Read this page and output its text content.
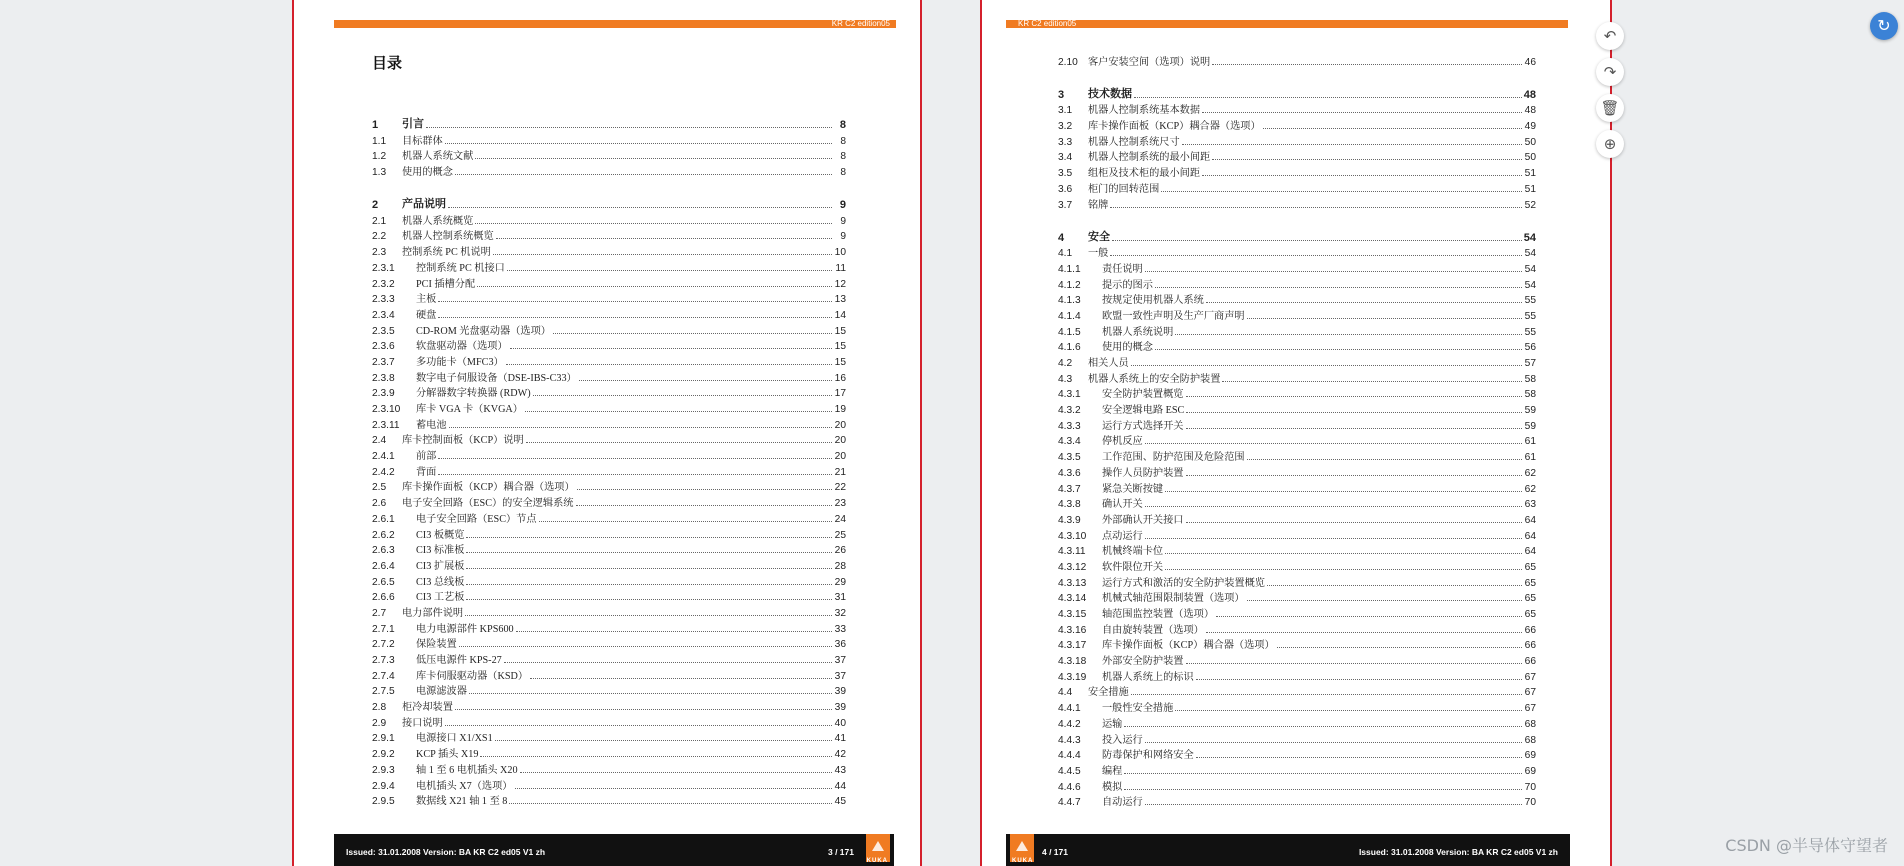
KR C2 edition05
目录
1	引言	8
1.1	目标群体	8
1.2	机器人系统文献	8
1.3	使用的概念	8
2	产品说明	9
2.1	机器人系统概览	9
2.2	机器人控制系统概览	9
2.3	控制系统 PC 机说明	10
2.3.1	控制系统 PC 机接口	11
2.3.2	PCI 插槽分配	12
2.3.3	主板	13
2.3.4	硬盘	14
2.3.5	CD-ROM 光盘驱动器（选项）	15
2.3.6	软盘驱动器（选项）	15
2.3.7	多功能卡（MFC3）	15
2.3.8	数字电子伺服设备（DSE-IBS-C33）	16
2.3.9	分解器数字转换器 (RDW)	17
2.3.10	库卡 VGA 卡（KVGA）	19
2.3.11	蓄电池	20
2.4	库卡控制面板（KCP）说明	20
2.4.1	前部	20
2.4.2	背面	21
2.5	库卡操作面板（KCP）耦合器（选项）	22
2.6	电子安全回路（ESC）的安全逻辑系统	23
2.6.1	电子安全回路（ESC）节点	24
2.6.2	CI3 板概览	25
2.6.3	CI3 标准板	26
2.6.4	CI3 扩展板	28
2.6.5	CI3 总线板	29
2.6.6	CI3 工艺板	31
2.7	电力部件说明	32
2.7.1	电力电源部件 KPS600	33
2.7.2	保险装置	36
2.7.3	低压电源件 KPS-27	37
2.7.4	库卡伺服驱动器（KSD）	37
2.7.5	电源滤波器	39
2.8	柜冷却装置	39
2.9	接口说明	40
2.9.1	电源接口 X1/XS1	41
2.9.2	KCP 插头 X19	42
2.9.3	轴 1 至 6 电机插头 X20	43
2.9.4	电机插头 X7（选项）	44
2.9.5	数据线 X21 轴 1 至 8	45
Issued: 31.01.2008 Version: BA KR C2 ed05 V1 zh	3 / 171
KUKA
KR C2 edition05
2.10 客户安装空间（选项）说明	46
3	技术数据	48
3.1	机器人控制系统基本数据	48
3.2	库卡操作面板（KCP）耦合器（选项）	49
3.3	机器人控制系统尺寸	50
3.4	机器人控制系统的最小间距	50
3.5	组柜及技术柜的最小间距	51
3.6	柜门的回转范围	51
3.7	铭牌	52
4	安全	54
4.1	一般	54
4.1.1	责任说明	54
4.1.2	提示的图示	54
4.1.3	按规定使用机器人系统	55
4.1.4	欧盟一致性声明及生产厂商声明	55
4.1.5	机器人系统说明	55
4.1.6	使用的概念	56
4.2	相关人员	57
4.3	机器人系统上的安全防护装置	58
4.3.1	安全防护装置概览	58
4.3.2	安全逻辑电路 ESC	59
4.3.3	运行方式选择开关	59
4.3.4	停机反应	61
4.3.5	工作范围、防护范围及危险范围	61
4.3.6	操作人员防护装置	62
4.3.7	紧急关断按键	62
4.3.8	确认开关	63
4.3.9	外部确认开关接口	64
4.3.10	点动运行	64
4.3.11	机械终端卡位	64
4.3.12	软件限位开关	65
4.3.13	运行方式和激活的安全防护装置概览	65
4.3.14	机械式轴范围限制装置（选项）	65
4.3.15	轴范围监控装置（选项）	65
4.3.16	自由旋转装置（选项）	66
4.3.17	库卡操作面板（KCP）耦合器（选项）	66
4.3.18	外部安全防护装置	66
4.3.19	机器人系统上的标识	67
4.4	安全措施	67
4.4.1	一般性安全措施	67
4.4.2	运输	68
4.4.3	投入运行	68
4.4.4	防毒保护和网络安全	69
4.4.5	编程	69
4.4.6	模拟	70
4.4.7	自动运行	70
KUKA
4 / 171	Issued: 31.01.2008 Version: BA KR C2 ed05 V1 zh
↶
↷
🗑
⊕
↻
CSDN @半导体守望者
